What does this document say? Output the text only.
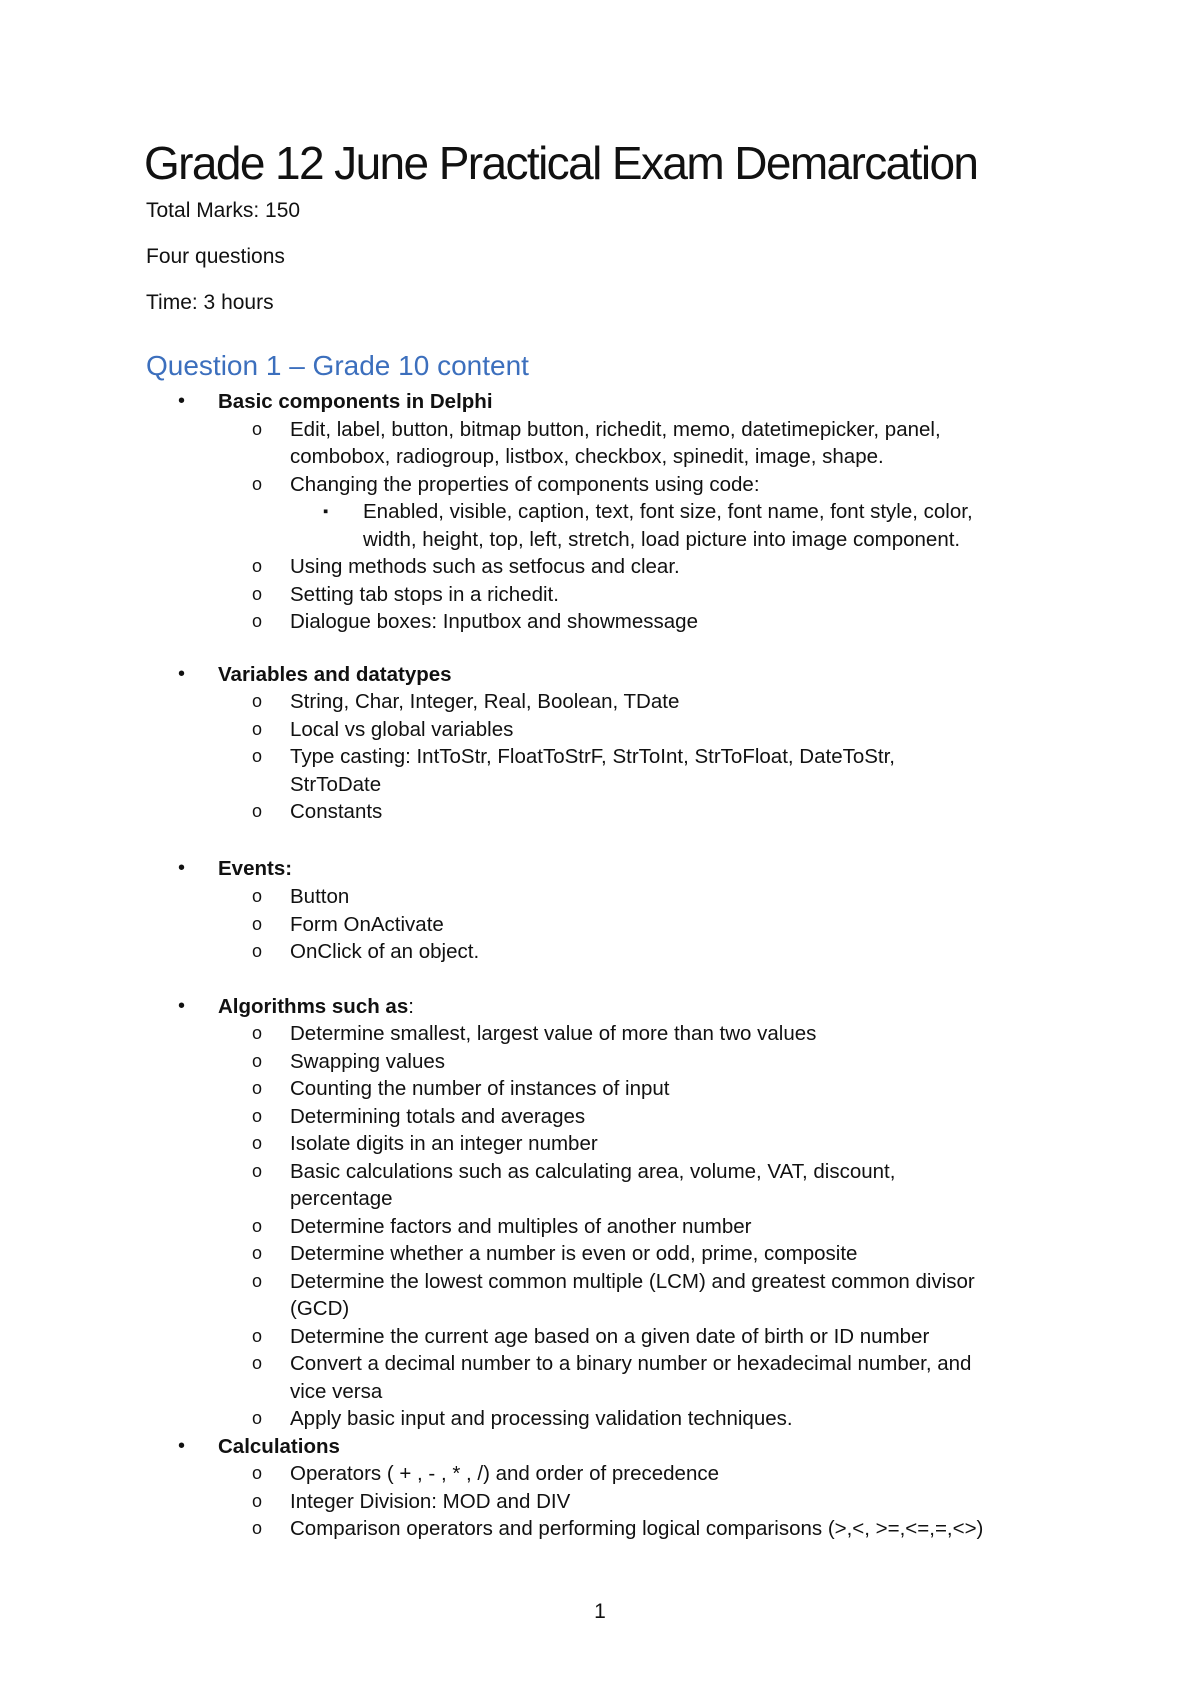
Grade 12 June Practical Exam Demarcation
Total Marks: 150
Four questions
Time: 3 hours
Question 1 – Grade 10 content
• Basic components in Delphi
o Edit, label, button, bitmap button, richedit, memo, datetimepicker, panel,
combobox, radiogroup, listbox, checkbox, spinedit, image, shape.
o Changing the properties of components using code:
▪ Enabled, visible, caption, text, font size, font name, font style, color,
width, height, top, left, stretch, load picture into image component.
o Using methods such as setfocus and clear.
o Setting tab stops in a richedit.
o Dialogue boxes: Inputbox and showmessage
• Variables and datatypes
o String, Char, Integer, Real, Boolean, TDate
o Local vs global variables
o Type casting: IntToStr, FloatToStrF, StrToInt, StrToFloat, DateToStr,
StrToDate
o Constants
• Events:
o Button
o Form OnActivate
o OnClick of an object.
• Algorithms such as:
o Determine smallest, largest value of more than two values
o Swapping values
o Counting the number of instances of input
o Determining totals and averages
o Isolate digits in an integer number
o Basic calculations such as calculating area, volume, VAT, discount,
percentage
o Determine factors and multiples of another number
o Determine whether a number is even or odd, prime, composite
o Determine the lowest common multiple (LCM) and greatest common divisor
(GCD)
o Determine the current age based on a given date of birth or ID number
o Convert a decimal number to a binary number or hexadecimal number, and
vice versa
o Apply basic input and processing validation techniques.
• Calculations
o Operators ( + , - , * , /) and order of precedence
o Integer Division: MOD and DIV
o Comparison operators and performing logical comparisons (>,<, >=,<=,=,<>)
1
